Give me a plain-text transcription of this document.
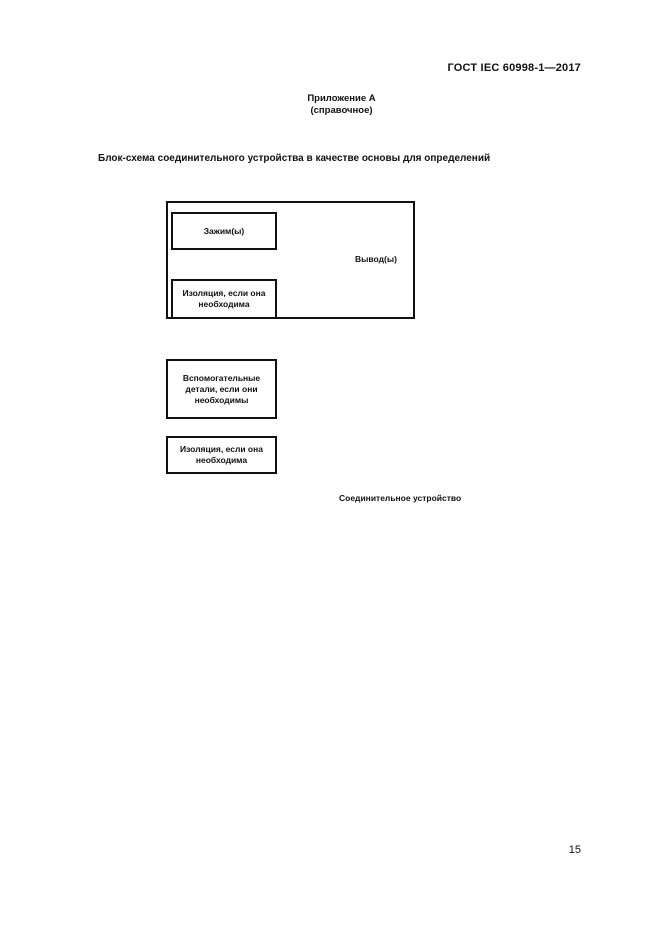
ГОСТ IEC 60998-1—2017
Приложение А
(справочное)
Блок-схема соединительного устройства в качестве основы для определений
Зажим(ы)
Изоляция, если она
необходима
Вывод(ы)
Вспомогательные
детали, если они
необходимы
Изоляция, если она
необходима
Соединительное устройство
15
